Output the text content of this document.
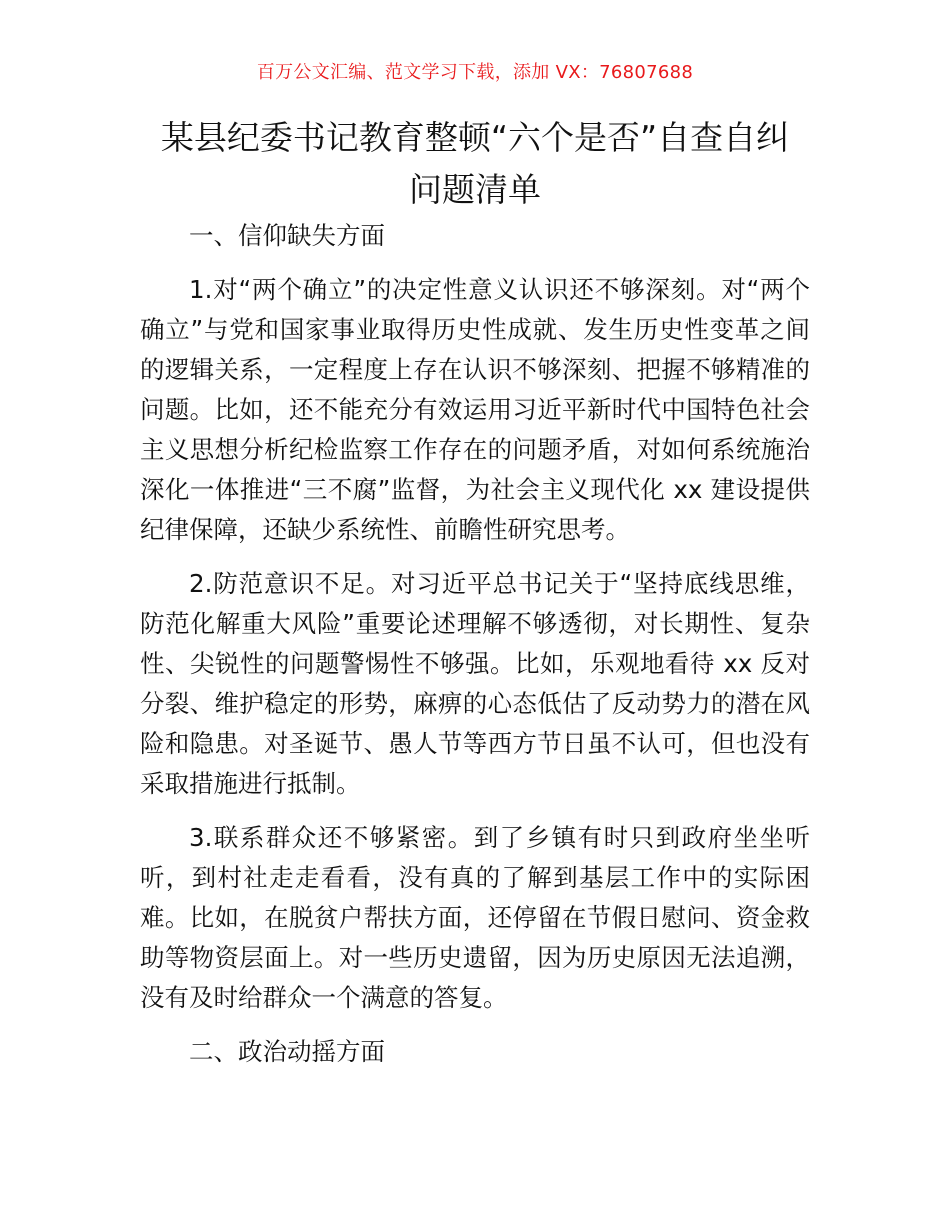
百万公文汇编、范文学习下载，添加 VX：76807688
某县纪委书记教育整顿“六个是否”自查自纠
问题清单

一、信仰缺失方面

1.对“两个确立”的决定性意义认识还不够深刻。对“两个确立”与党和国家事业取得历史性成就、发生历史性变革之间的逻辑关系，一定程度上存在认识不够深刻、把握不够精准的问题。比如，还不能充分有效运用习近平新时代中国特色社会主义思想分析纪检监察工作存在的问题矛盾，对如何系统施治深化一体推进“三不腐”监督，为社会主义现代化 xx 建设提供纪律保障，还缺少系统性、前瞻性研究思考。

2.防范意识不足。对习近平总书记关于“坚持底线思维，防范化解重大风险”重要论述理解不够透彻，对长期性、复杂性、尖锐性的问题警惕性不够强。比如，乐观地看待 xx 反对分裂、维护稳定的形势，麻痹的心态低估了反动势力的潜在风险和隐患。对圣诞节、愚人节等西方节日虽不认可，但也没有采取措施进行抵制。

3.联系群众还不够紧密。到了乡镇有时只到政府坐坐听听，到村社走走看看，没有真的了解到基层工作中的实际困难。比如，在脱贫户帮扶方面，还停留在节假日慰问、资金救助等物资层面上。对一些历史遗留，因为历史原因无法追溯，没有及时给群众一个满意的答复。

二、政治动摇方面
